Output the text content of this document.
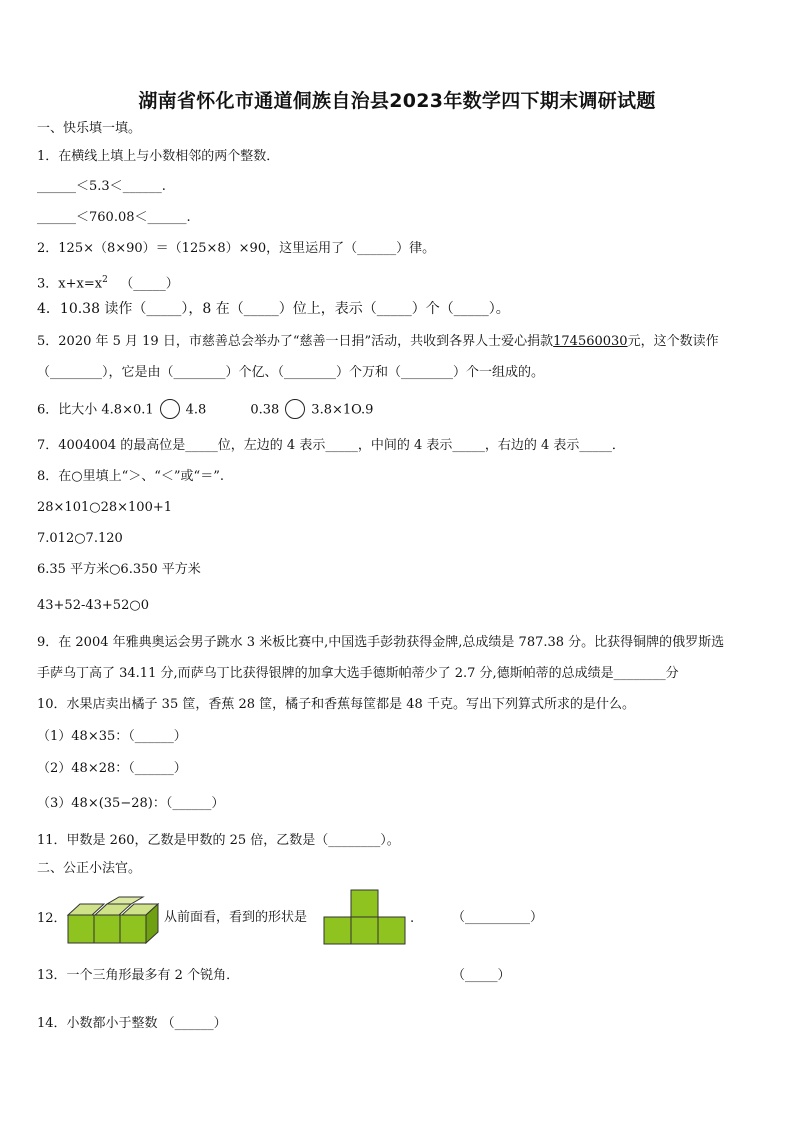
湖南省怀化市通道侗族自治县2023年数学四下期末调研试题
一、快乐填一填。
1．在横线上填上与小数相邻的两个整数．
______＜5.3＜______.
______＜760.08＜______.
2．125×（8×90）＝（125×8）×90，这里运用了（______）律。
3．$x+x=x^2$ （_____）
4．10.38 读作（_____），8 在（_____）位上，表示（_____）个（_____）。
5．2020 年 5 月 19 日，市慈善总会举办了“慈善一日捐”活动，共收到各界人士爱心捐款174560030元，这个数读作
（________），它是由（________）个亿、（________）个万和（________）个一组成的。
6．比大小 4.8×0.1 4.8	0.38 3.8×1O.9
7．4004004 的最高位是_____位，左边的 4 表示_____，中间的 4 表示_____，右边的 4 表示_____．
8．在○里填上“＞、“＜”或“＝”.
28×101○28×100+1
7.012○7.120
6.35 平方米○6.350 平方米
43+52-43+52○0
9．在 2004 年雅典奥运会男子跳水 3 米板比赛中,中国选手彭勃获得金牌,总成绩是 787.38 分。比获得铜牌的俄罗斯选
手萨乌丁高了 34.11 分,而萨乌丁比获得银牌的加拿大选手德斯帕蒂少了 2.7 分,德斯帕蒂的总成绩是________分
10．水果店卖出橘子 35 筐，香蕉 28 筐，橘子和香蕉每筐都是 48 千克。写出下列算式所求的是什么。
（1）48×35：（______）
（2）48×28：（______）
（3）48×(35−28)：（______）
11．甲数是 260，乙数是甲数的 25 倍，乙数是（________）。
二、公正小法官。
12．	从前面看，看到的形状是	.	（__________）
13．一个三角形最多有 2 个锐角．	（_____）
14．小数都小于整数 （______）
